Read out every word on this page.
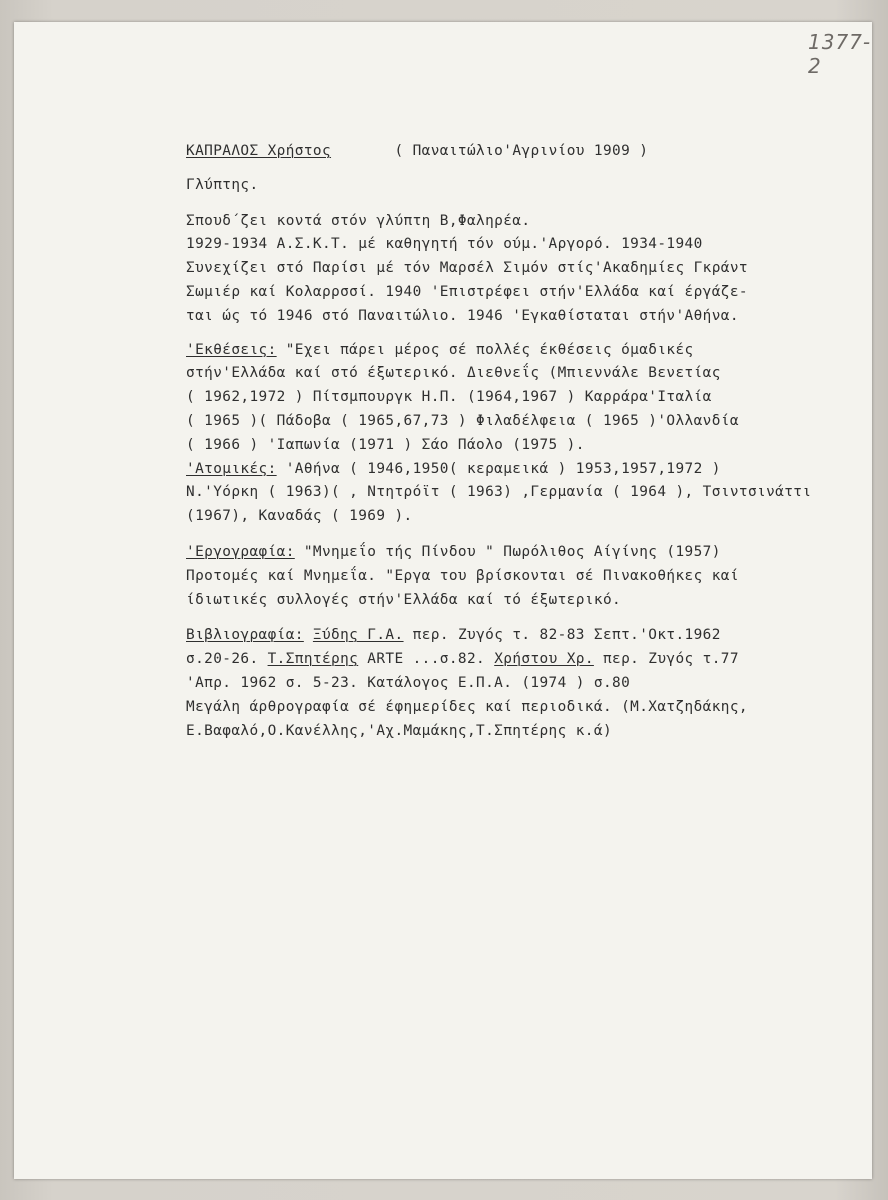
1377-2
ΚΑΠΡΑΛΟΣ Χρήστος	( Παναιτώλιο'Αγρινίου 1909 )
Γλύπτης.
Σπουδ΄ζει κοντά στόν γλύπτη Β,Φαληρέα.
1929-1934 Α.Σ.Κ.Τ. μέ καθηγητή τόν ούμ.'Αργορό. 1934-1940
Συνεχίζει στό Παρίσι μέ τόν Μαρσέλ Σιμόν στίς'Ακαδημίες Γκράντ
Σωμιέρ καί Κολαρρσσί. 1940 'Επιστρέφει στήν'Ελλάδα καί έργάζε-
ται ώς τό 1946 στό Παναιτώλιο. 1946 'Εγκαθίσταται στήν'Αθήνα.
'Εκθέσεις: "Εχει πάρει μέρος σέ πολλές έκθέσεις όμαδικές
στήν'Ελλάδα καί στό έξωτερικό. Διεθνεΐς (Μπιεννάλε Βενετίας
( 1962,1972 ) Πίτσμπουργκ Η.Π. (1964,1967 ) Καρράρα'Ιταλία
( 1965 )( Πάδοβα ( 1965,67,73 ) Φιλαδέλφεια ( 1965 )'Ολλανδία
( 1966 ) 'Ιαπωνία (1971 ) Σάο Πάολο (1975 ).
'Ατομικές: 'Αθήνα ( 1946,1950( κεραμεικά ) 1953,1957,1972 )
Ν.'Υόρκη ( 1963)( , Ντητρόϊτ ( 1963) ,Γερμανία ( 1964 ), Τσιντσινάττι
(1967), Καναδάς ( 1969 ).
'Εργογραφία: "Μνημεΐο τής Πίνδου " Πωρόλιθος Αίγίνης (1957)
Προτομές καί Μνημεΐα. "Εργα του βρίσκονται σέ Πινακοθήκες καί
ίδιωτικές συλλογές στήν'Ελλάδα καί τό έξωτερικό.
Βιβλιογραφία: Ξύδης Γ.Α. περ. Ζυγός τ. 82-83 Σεπτ.'Οκτ.1962
σ.20-26. Τ.Σπητέρης ARTE ...σ.82. Χρήστου Χρ. περ. Ζυγός τ.77
'Απρ. 1962 σ. 5-23. Κατάλογος Ε.Π.Α. (1974 ) σ.80
Μεγάλη άρθρογραφία σέ έφημερίδες καί περιοδικά. (Μ.Χατζηδάκης,
Ε.Βαφαλό,Ο.Κανέλλης,'Αχ.Μαμάκης,Τ.Σπητέρης κ.ά)
